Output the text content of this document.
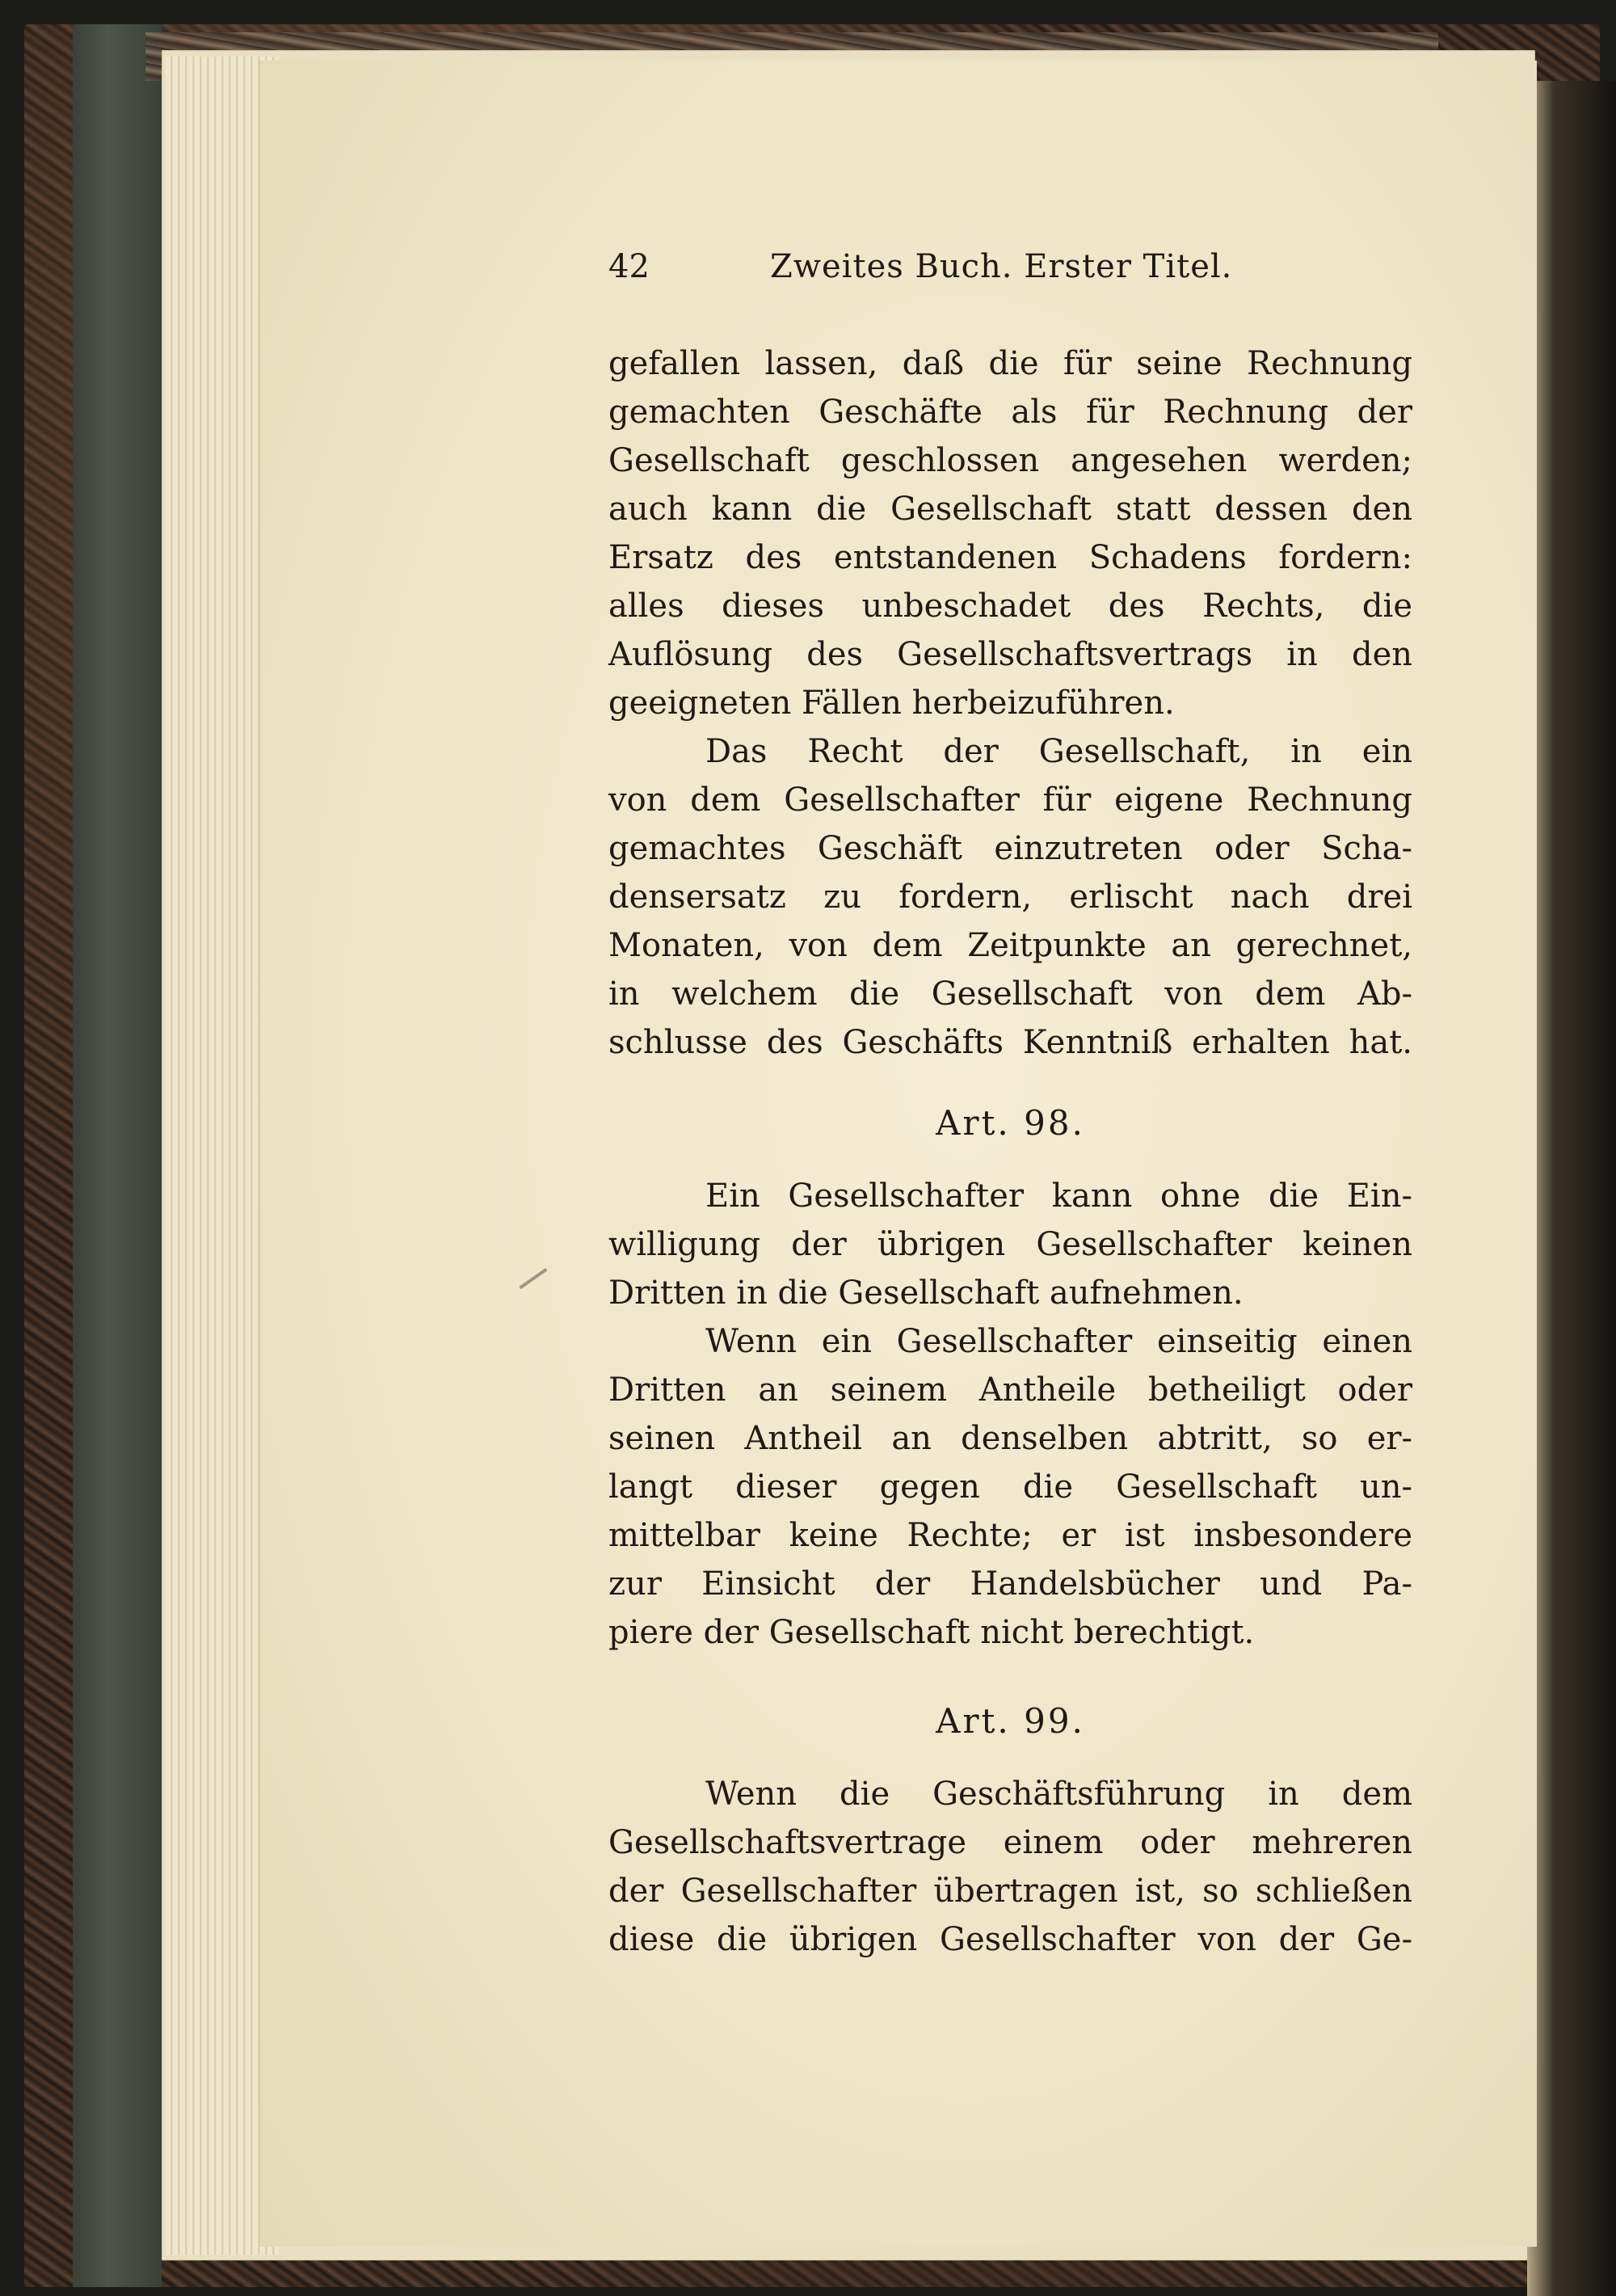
42	Zweites Buch. Erster Titel.
gefallen lassen, daß die für seine Rechnung
gemachten Geschäfte als für Rechnung der
Gesellschaft geschlossen angesehen werden;
auch kann die Gesellschaft statt dessen den
Ersatz des entstandenen Schadens fordern:
alles dieses unbeschadet des Rechts, die
Auflösung des Gesellschaftsvertrags in den
geeigneten Fällen herbeizuführen.
Das Recht der Gesellschaft, in ein
von dem Gesellschafter für eigene Rechnung
gemachtes Geschäft einzutreten oder Scha-
densersatz zu fordern, erlischt nach drei
Monaten, von dem Zeitpunkte an gerechnet,
in welchem die Gesellschaft von dem Ab-
schlusse des Geschäfts Kenntniß erhalten hat.
Art. 98.
Ein Gesellschafter kann ohne die Ein-
willigung der übrigen Gesellschafter keinen
Dritten in die Gesellschaft aufnehmen.
Wenn ein Gesellschafter einseitig einen
Dritten an seinem Antheile betheiligt oder
seinen Antheil an denselben abtritt, so er-
langt dieser gegen die Gesellschaft un-
mittelbar keine Rechte; er ist insbesondere
zur Einsicht der Handelsbücher und Pa-
piere der Gesellschaft nicht berechtigt.
Art. 99.
Wenn die Geschäftsführung in dem
Gesellschaftsvertrage einem oder mehreren
der Gesellschafter übertragen ist, so schließen
diese die übrigen Gesellschafter von der Ge-
